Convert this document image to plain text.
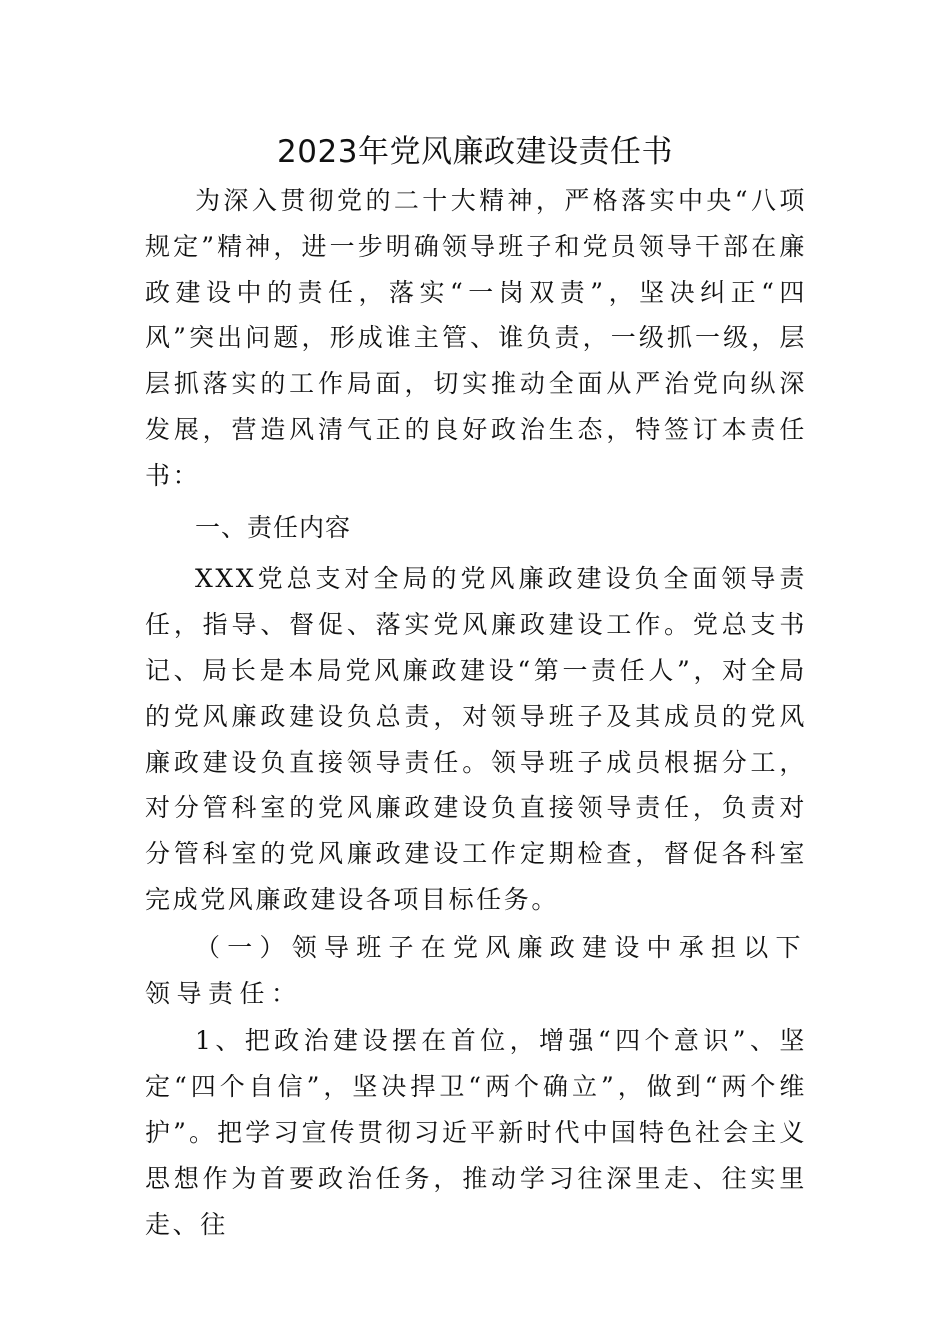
2023年党风廉政建设责任书

为深入贯彻党的二十大精神，严格落实中央“八项规定”精神，进一步明确领导班子和党员领导干部在廉政建设中的责任，落实“一岗双责”，坚决纠正“四风”突出问题，形成谁主管、谁负责，一级抓一级，层层抓落实的工作局面，切实推动全面从严治党向纵深发展，营造风清气正的良好政治生态，特签订本责任书：

一、责任内容

XXX党总支对全局的党风廉政建设负全面领导责任，指导、督促、落实党风廉政建设工作。党总支书记、局长是本局党风廉政建设“第一责任人”，对全局的党风廉政建设负总责，对领导班子及其成员的党风廉政建设负直接领导责任。领导班子成员根据分工，对分管科室的党风廉政建设负直接领导责任，负责对分管科室的党风廉政建设工作定期检查，督促各科室完成党风廉政建设各项目标任务。

（一）领导班子在党风廉政建设中承担以下领导责任：

1、把政治建设摆在首位，增强“四个意识”、坚定“四个自信”，坚决捍卫“两个确立”，做到“两个维护”。把学习宣传贯彻习近平新时代中国特色社会主义思想作为首要政治任务，推动学习往深里走、往实里走、往
